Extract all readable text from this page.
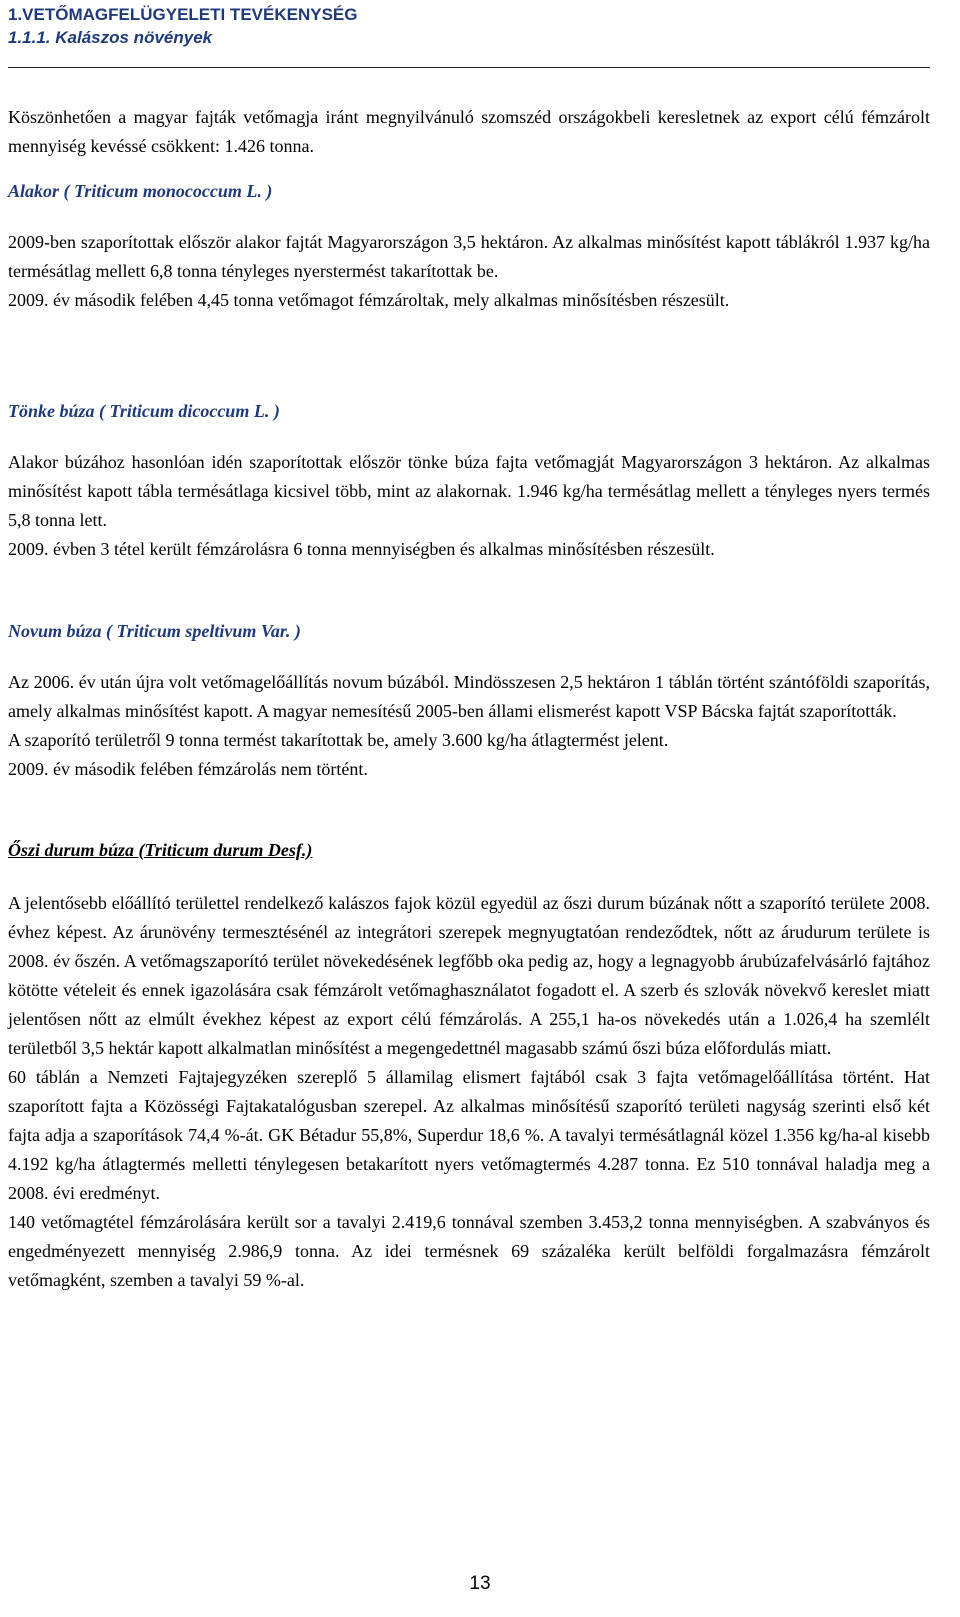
1.VETŐMAGFELÜGYELETI TEVÉKENYSÉG
1.1.1. Kalászos növények

Köszönhetően a magyar fajták vetőmagja iránt megnyilvánuló szomszéd országokbeli keresletnek az export célú fémzárolt mennyiség kevéssé csökkent: 1.426 tonna.

Alakor ( Triticum monococcum L. )

2009-ben szaporítottak először alakor fajtát Magyarországon 3,5 hektáron. Az alkalmas minősítést kapott táblákról 1.937 kg/ha termésátlag mellett 6,8 tonna tényleges nyerstermést takarítottak be.

2009. év második felében 4,45 tonna vetőmagot fémzároltak, mely alkalmas minősítésben részesült.

Tönke búza ( Triticum dicoccum L. )

Alakor búzához hasonlóan idén szaporítottak először tönke búza fajta vetőmagját Magyarországon 3 hektáron. Az alkalmas minősítést kapott tábla termésátlaga kicsivel több, mint az alakornak. 1.946 kg/ha termésátlag mellett a tényleges nyers termés 5,8 tonna lett.

2009. évben 3 tétel került fémzárolásra 6 tonna mennyiségben és alkalmas minősítésben részesült.

Novum búza ( Triticum speltivum Var. )

Az 2006. év után újra volt vetőmagelőállítás novum búzából. Mindösszesen 2,5 hektáron 1 táblán történt szántóföldi szaporítás, amely alkalmas minősítést kapott. A magyar nemesítésű 2005-ben állami elismerést kapott VSP Bácska fajtát szaporították.

A szaporító területről 9 tonna termést takarítottak be, amely 3.600 kg/ha átlagtermést jelent.

2009. év második felében fémzárolás nem történt.

Őszi durum búza (Triticum durum Desf.)

A jelentősebb előállító területtel rendelkező kalászos fajok közül egyedül az őszi durum búzának nőtt a szaporító területe 2008. évhez képest. Az árunövény termesztésénél az integrátori szerepek megnyugtatóan rendeződtek, nőtt az árudurum területe is 2008. év őszén. A vetőmagszaporító terület növekedésének legfőbb oka pedig az, hogy a legnagyobb árubúzafelvásárló fajtához kötötte vételeit és ennek igazolására csak fémzárolt vetőmaghasználatot fogadott el. A szerb és szlovák növekvő kereslet miatt jelentősen nőtt az elmúlt évekhez képest az export célú fémzárolás. A 255,1 ha-os növekedés után a 1.026,4 ha szemlélt területből 3,5 hektár kapott alkalmatlan minősítést a megengedettnél magasabb számú őszi búza előfordulás miatt.

60 táblán a Nemzeti Fajtajegyzéken szereplő 5 államilag elismert fajtából csak 3 fajta vetőmagelőállítása történt. Hat szaporított fajta a Közösségi Fajtakatalógusban szerepel. Az alkalmas minősítésű szaporító területi nagyság szerinti első két fajta adja a szaporítások 74,4 %-át. GK Bétadur 55,8%, Superdur 18,6 %. A tavalyi termésátlagnál közel 1.356 kg/ha-al kisebb 4.192 kg/ha átlagtermés melletti ténylegesen betakarított nyers vetőmagtermés 4.287 tonna. Ez 510 tonnával haladja meg a 2008. évi eredményt.

140 vetőmagtétel fémzárolására került sor a tavalyi 2.419,6 tonnával szemben 3.453,2 tonna mennyiségben. A szabványos és engedményezett mennyiség 2.986,9 tonna. Az idei termésnek 69 százaléka került belföldi forgalmazásra fémzárolt vetőmagként, szemben a tavalyi 59 %-al.

13
